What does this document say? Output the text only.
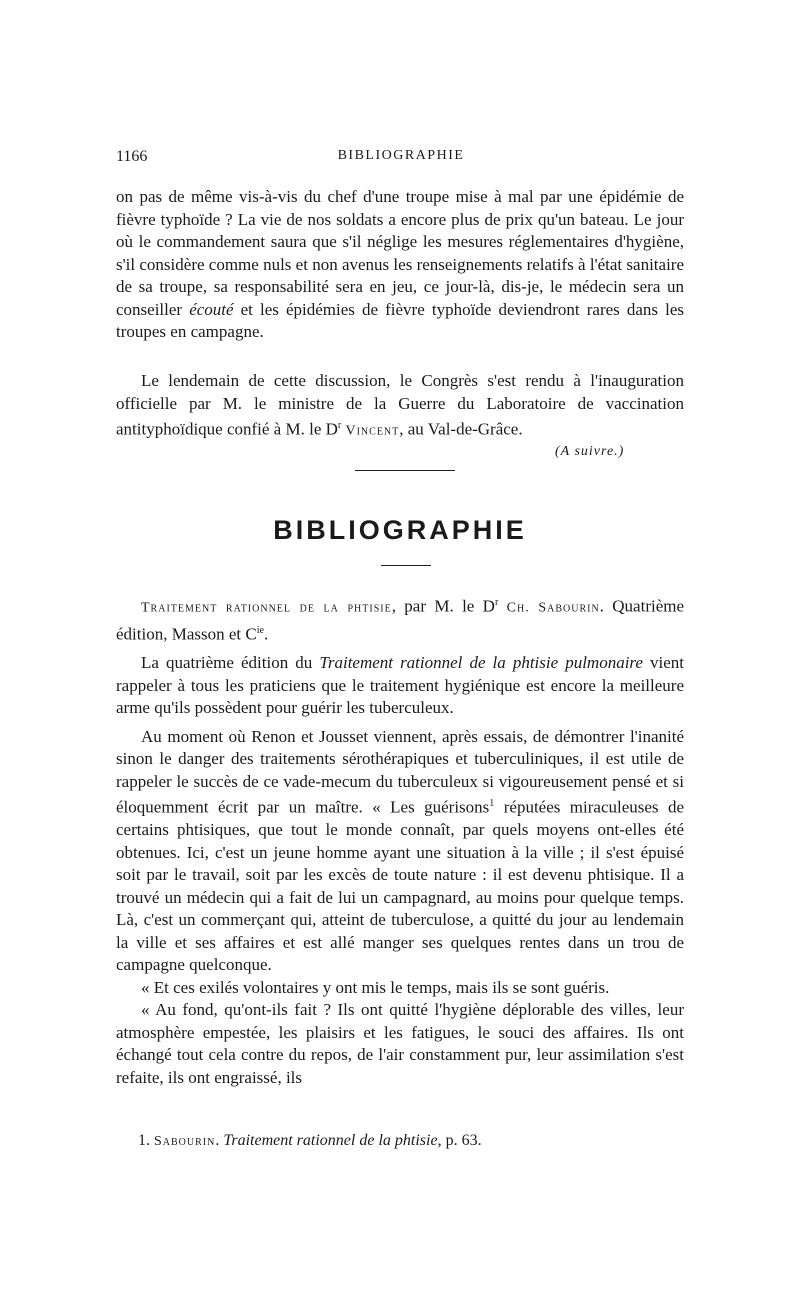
1166	BIBLIOGRAPHIE
on pas de même vis-à-vis du chef d'une troupe mise à mal par une épidémie de fièvre typhoïde ? La vie de nos soldats a encore plus de prix qu'un bateau. Le jour où le commandement saura que s'il néglige les mesures réglementaires d'hygiène, s'il considère comme nuls et non avenus les renseignements relatifs à l'état sanitaire de sa troupe, sa responsabilité sera en jeu, ce jour-là, dis-je, le médecin sera un conseiller écouté et les épidémies de fièvre typhoïde deviendront rares dans les troupes en campagne.
Le lendemain de cette discussion, le Congrès s'est rendu à l'inauguration officielle par M. le ministre de la Guerre du Laboratoire de vaccination antityphoïdique confié à M. le $D^r$ Vincent, au Val-de-Grâce.
(A suivre.)
BIBLIOGRAPHIE

Traitement rationnel de la phtisie, par M. le $D^r$ Ch. Sabourin. Quatrième édition, Masson et $C^{ie}$.

La quatrième édition du Traitement rationnel de la phtisie pulmonaire vient rappeler à tous les praticiens que le traitement hygiénique est encore la meilleure arme qu'ils possèdent pour guérir les tuberculeux.

Au moment où Renon et Jousset viennent, après essais, de démontrer l'inanité sinon le danger des traitements sérothérapiques et tuberculiniques, il est utile de rappeler le succès de ce vade-mecum du tuberculeux si vigoureusement pensé et si éloquemment écrit par un maître. « Les guérisons$^1$ réputées miraculeuses de certains phtisiques, que tout le monde connaît, par quels moyens ont-elles été obtenues. Ici, c'est un jeune homme ayant une situation à la ville ; il s'est épuisé soit par le travail, soit par les excès de toute nature : il est devenu phtisique. Il a trouvé un médecin qui a fait de lui un campagnard, au moins pour quelque temps. Là, c'est un commerçant qui, atteint de tuberculose, a quitté du jour au lendemain la ville et ses affaires et est allé manger ses quelques rentes dans un trou de campagne quelconque.

« Et ces exilés volontaires y ont mis le temps, mais ils se sont guéris.

« Au fond, qu'ont-ils fait ? Ils ont quitté l'hygiène déplorable des villes, leur atmosphère empestée, les plaisirs et les fatigues, le souci des affaires. Ils ont échangé tout cela contre du repos, de l'air constamment pur, leur assimilation s'est refaite, ils ont engraissé, ils

1. Sabourin. Traitement rationnel de la phtisie, p. 63.
